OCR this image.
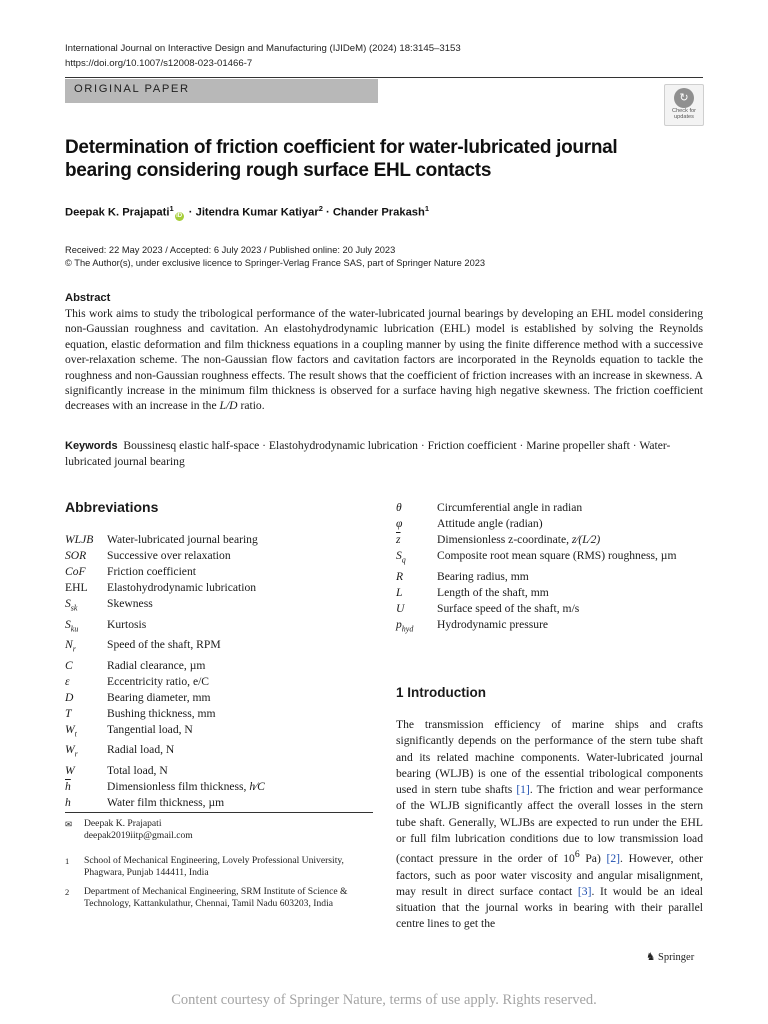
International Journal on Interactive Design and Manufacturing (IJIDeM) (2024) 18:3145–3153
https://doi.org/10.1007/s12008-023-01466-7
ORIGINAL PAPER
↻
Check for
updates
Determination of friction coefficient for water-lubricated journal bearing considering rough surface EHL contacts
Deepak K. Prajapati$^1$iD · Jitendra Kumar Katiyar$^2$ · Chander Prakash$^1$
Received: 22 May 2023 / Accepted: 6 July 2023 / Published online: 20 July 2023
© The Author(s), under exclusive licence to Springer-Verlag France SAS, part of Springer Nature 2023
Abstract
This work aims to study the tribological performance of the water-lubricated journal bearings by developing an EHL model considering non-Gaussian roughness and cavitation. An elastohydrodynamic lubrication (EHL) model is established by solving the Reynolds equation, elastic deformation and film thickness equations in a coupling manner by using the finite difference method with a successive over-relaxation scheme. The non-Gaussian flow factors and cavitation factors are incorporated in the Reynolds equation to tackle the roughness and non-Gaussian roughness effects. The result shows that the coefficient of friction increases with an increase in skewness. A significantly increase in the minimum film thickness is observed for a surface having high negative skewness. The friction coefficient decreases with an increase in the L/D ratio.
Keywords Boussinesq elastic half-space · Elastohydrodynamic lubrication · Friction coefficient · Marine propeller shaft · Water-lubricated journal bearing
Abbreviations
WLJB	Water-lubricated journal bearing
SOR	Successive over relaxation
CoF	Friction coefficient
EHL	Elastohydrodynamic lubrication
$S_{sk}$	Skewness
$S_{ku}$	Kurtosis
$N_r$	Speed of the shaft, RPM
C	Radial clearance, µm
ε	Eccentricity ratio, e/C
D	Bearing diameter, mm
T	Bushing thickness, mm
$W_t$	Tangential load, N
$W_r$	Radial load, N
W	Total load, N
$\overline{h}$	Dimensionless film thickness, h⁄C
h	Water film thickness, µm
θ	Circumferential angle in radian
φ	Attitude angle (radian)
$\overline{z}$	Dimensionless z-coordinate, z⁄(L⁄2)
$S_q$	Composite root mean square (RMS) roughness, µm
R	Bearing radius, mm
L	Length of the shaft, mm
U	Surface speed of the shaft, m/s
$p_{hyd}$	Hydrodynamic pressure
✉ Deepak K. Prajapati
deepak2019iitp@gmail.com
1 School of Mechanical Engineering, Lovely Professional University, Phagwara, Punjab 144411, India
2 Department of Mechanical Engineering, SRM Institute of Science & Technology, Kattankulathur, Chennai, Tamil Nadu 603203, India
1 Introduction
The transmission efficiency of marine ships and crafts significantly depends on the performance of the stern tube shaft and its related machine components. Water-lubricated journal bearing (WLJB) is one of the essential tribological components used in stern tube shafts [1]. The friction and wear performance of the WLJB significantly affect the overall losses in the stern tube shaft. Generally, WLJBs are expected to run under the EHL or full film lubrication conditions due to low transmission load (contact pressure in the order of $10^6$ Pa) [2]. However, other factors, such as poor water viscosity and angular misalignment, may result in direct surface contact [3]. It would be an ideal situation that the journal works in bearing with their parallel centre lines to get the
♞ Springer
Content courtesy of Springer Nature, terms of use apply. Rights reserved.
